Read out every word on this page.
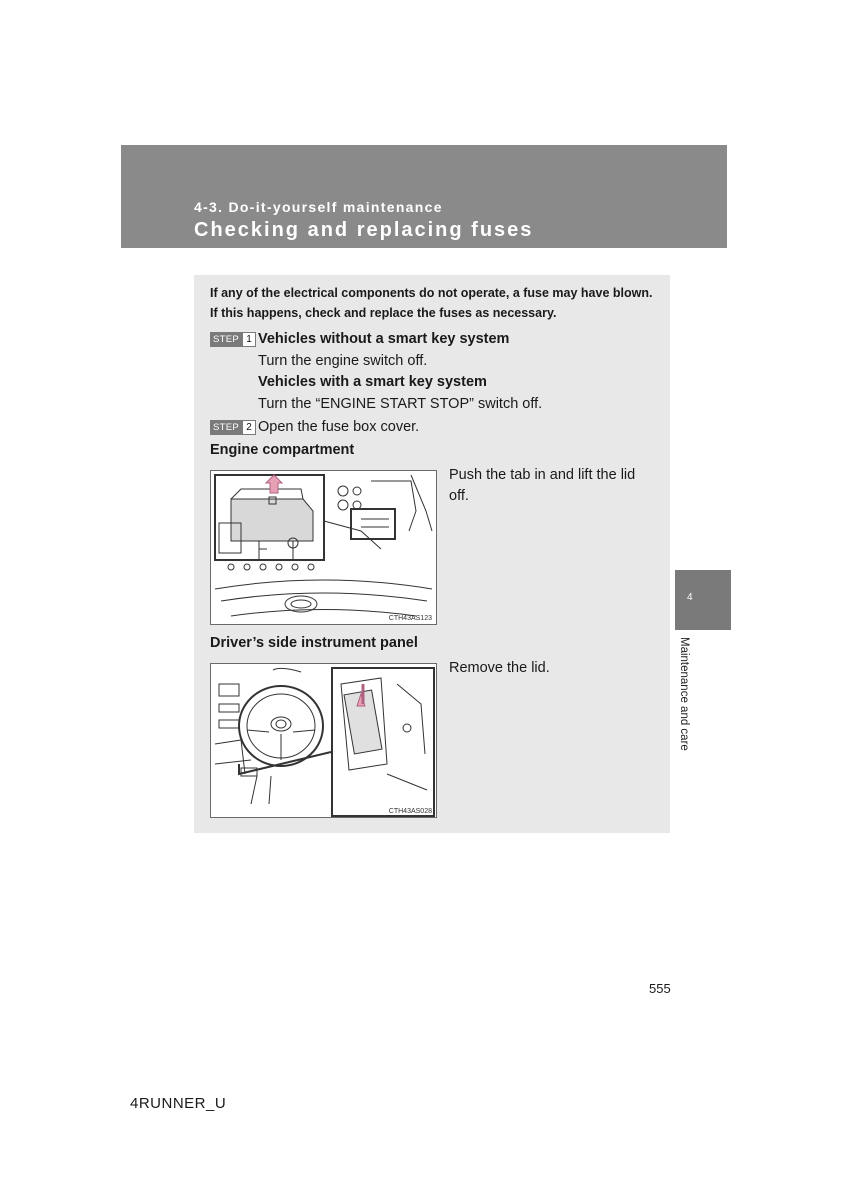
4-3. Do-it-yourself maintenance
Checking and replacing fuses
4
Maintenance and care
If any of the electrical components do not operate, a fuse may have blown. If this happens, check and replace the fuses as necessary.
STEP 1 Vehicles without a smart key system
Turn the engine switch off.
Vehicles with a smart key system
Turn the “ENGINE START STOP” switch off.
STEP 2 Open the fuse box cover.
Engine compartment
CTH43AS123
Push the tab in and lift the lid off.
Driver’s side instrument panel
CTH43AS028
Remove the lid.
555
4RUNNER_U
